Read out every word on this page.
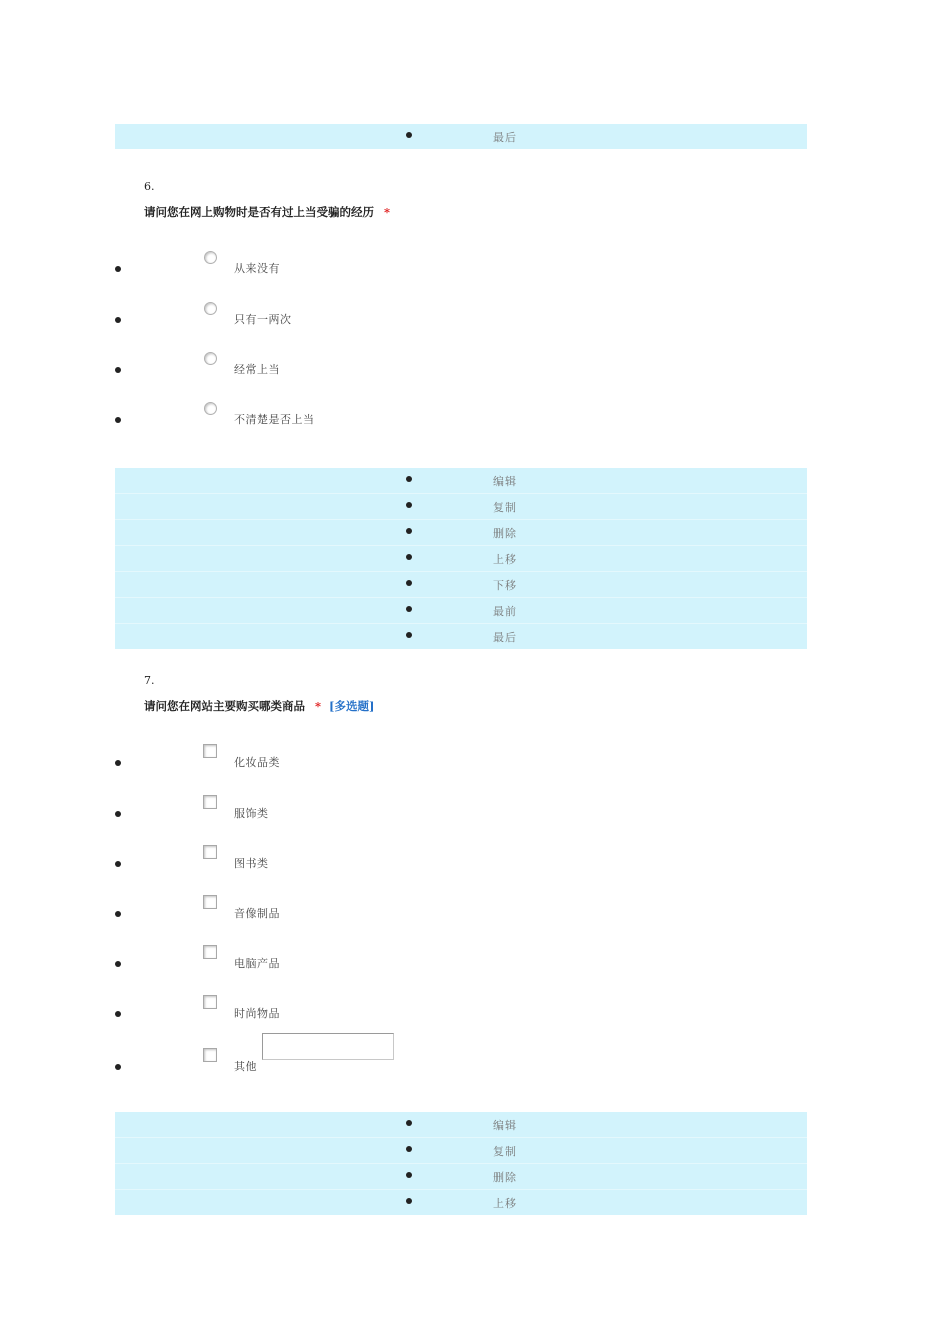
最后
6.
请问您在网上购物时是否有过上当受骗的经历 *
从来没有
只有一两次
经常上当
不清楚是否上当
编辑
复制
删除
上移
下移
最前
最后
7.
请问您在网站主要购买哪类商品 * [多选题]
化妆品类
服饰类
图书类
音像制品
电脑产品
时尚物品
其他
编辑
复制
删除
上移
